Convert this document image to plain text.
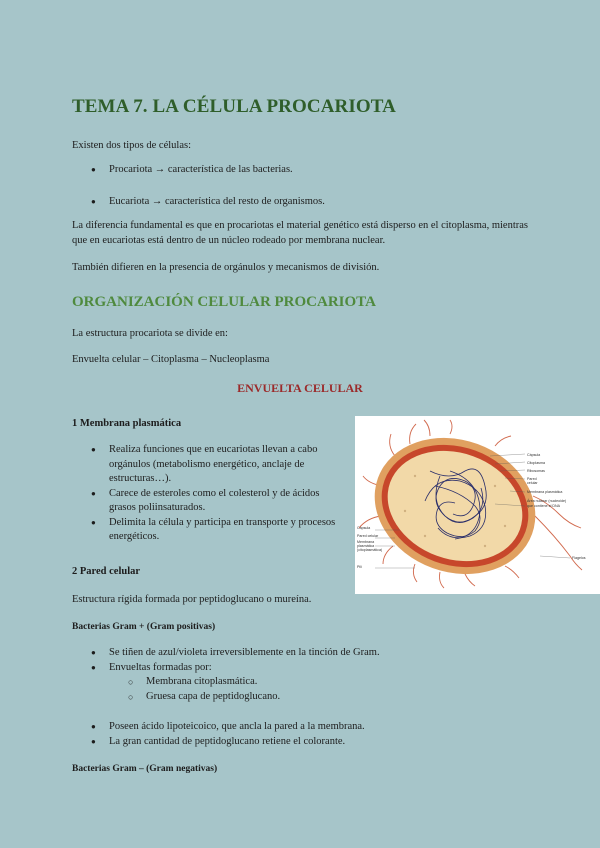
TEMA 7. LA CÉLULA PROCARIOTA

Existen dos tipos de células:

● Procariota → característica de las bacterias.
● Eucariota → característica del resto de organismos.

La diferencia fundamental es que en procariotas el material genético está disperso en el citoplasma, mientras que en eucariotas está dentro de un núcleo rodeado por membrana nuclear.

También difieren en la presencia de orgánulos y mecanismos de división.

ORGANIZACIÓN CELULAR PROCARIOTA

La estructura procariota se divide en:

Envuelta celular – Citoplasma – Nucleoplasma

ENVUELTA CELULAR

1 Membrana plasmática

● Realiza funciones que en eucariotas llevan a cabo orgánulos (metabolismo energético, anclaje de estructuras…).
● Carece de esteroles como el colesterol y de ácidos grasos poliinsaturados.
● Delimita la célula y participa en transporte y procesos energéticos.
Cápsula
Citoplasma
Ribosomas
Pared
celular
Membrana plasmática
Área nuclear (nucleoide)
que contiene el DNA
Cápsula
Pared celular
Membrana
plasmática
(citoplasmática)
Pili
Flagelos

2 Pared celular

Estructura rígida formada por peptidoglucano o mureína.

Bacterias Gram + (Gram positivas)

● Se tiñen de azul/violeta irreversiblemente en la tinción de Gram.
● Envueltas formadas por:
○ Membrana citoplasmática.
○ Gruesa capa de peptidoglucano.
● Poseen ácido lipoteicoico, que ancla la pared a la membrana.
● La gran cantidad de peptidoglucano retiene el colorante.

Bacterias Gram – (Gram negativas)
